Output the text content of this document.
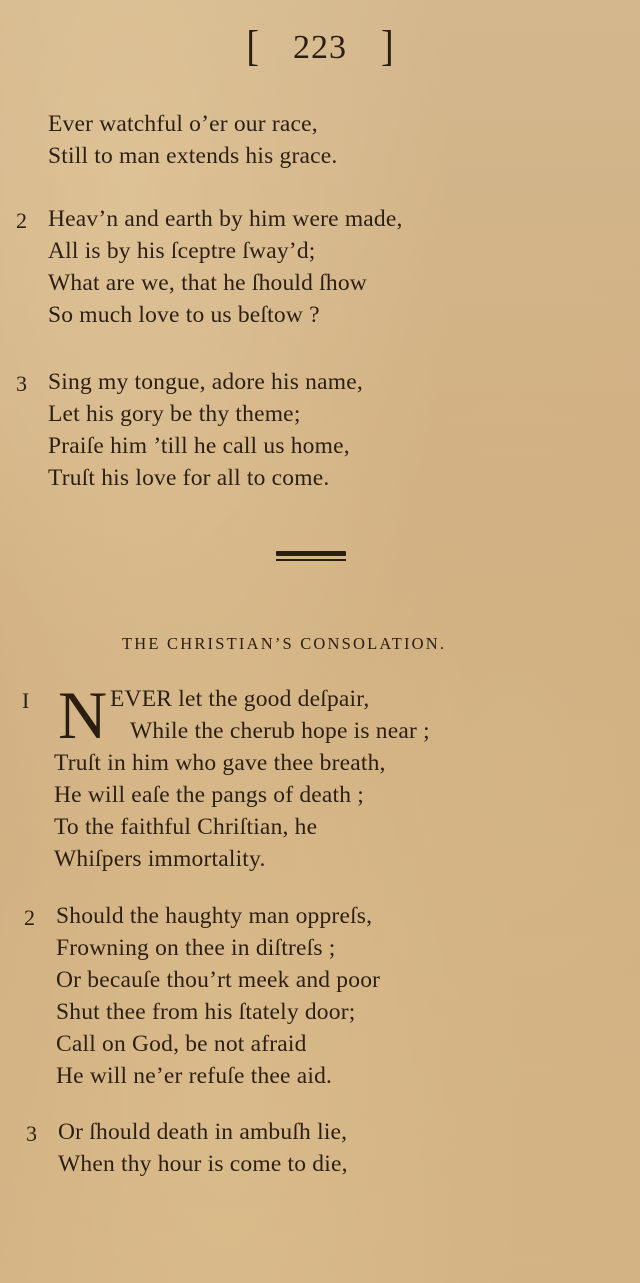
[ 223 ]
Ever watchful o’er our race,
Still to man extends his grace.
2 Heav’n and earth by him were made,
All is by his ſceptre ſway’d;
What are we, that he ſhould ſhow
So much love to us beſtow ?
3 Sing my tongue, adore his name,
Let his gory be thy theme;
Praiſe him ’till he call us home,
Truſt his love for all to come.
THE CHRISTIAN’S CONSOLATION.
I N EVER let the good deſpair,
While the cherub hope is near ;
Truſt in him who gave thee breath,
He will eaſe the pangs of death ;
To the faithful Chriſtian, he
Whiſpers immortality.
2 Should the haughty man oppreſs,
Frowning on thee in diſtreſs ;
Or becauſe thou’rt meek and poor
Shut thee from his ſtately door;
Call on God, be not afraid
He will ne’er refuſe thee aid.
3 Or ſhould death in ambuſh lie,
When thy hour is come to die,
